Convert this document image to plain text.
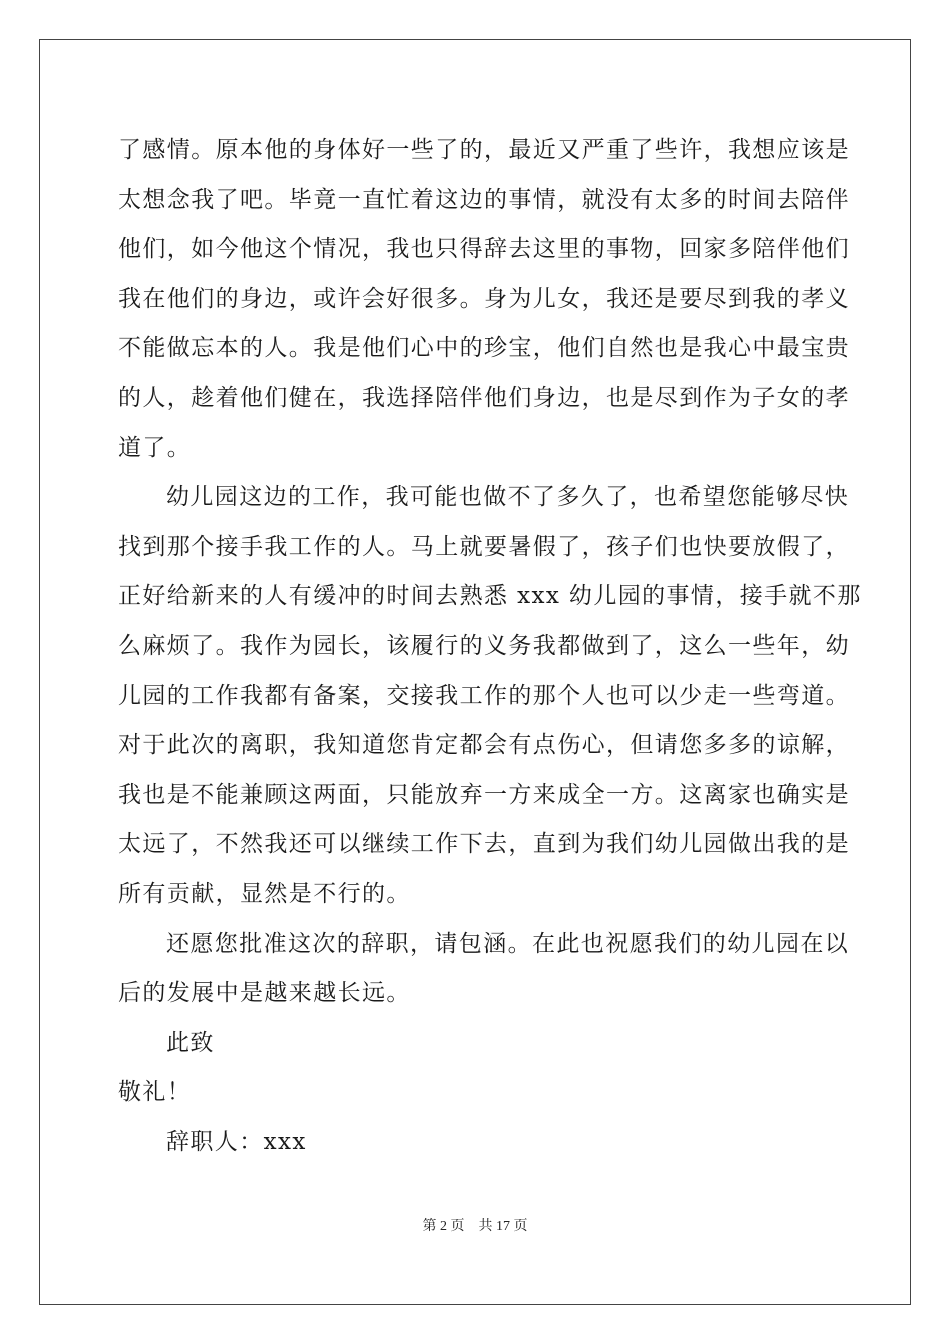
了感情。原本他的身体好一些了的，最近又严重了些许，我想应该是
太想念我了吧。毕竟一直忙着这边的事情，就没有太多的时间去陪伴
他们，如今他这个情况，我也只得辞去这里的事物，回家多陪伴他们
我在他们的身边，或许会好很多。身为儿女，我还是要尽到我的孝义
不能做忘本的人。我是他们心中的珍宝，他们自然也是我心中最宝贵
的人，趁着他们健在，我选择陪伴他们身边，也是尽到作为子女的孝
道了。
幼儿园这边的工作，我可能也做不了多久了，也希望您能够尽快
找到那个接手我工作的人。马上就要暑假了，孩子们也快要放假了，
正好给新来的人有缓冲的时间去熟悉 xxx 幼儿园的事情，接手就不那
么麻烦了。我作为园长，该履行的义务我都做到了，这么一些年，幼
儿园的工作我都有备案，交接我工作的那个人也可以少走一些弯道。
对于此次的离职，我知道您肯定都会有点伤心，但请您多多的谅解，
我也是不能兼顾这两面，只能放弃一方来成全一方。这离家也确实是
太远了，不然我还可以继续工作下去，直到为我们幼儿园做出我的是
所有贡献，显然是不行的。
还愿您批准这次的辞职，请包涵。在此也祝愿我们的幼儿园在以
后的发展中是越来越长远。
此致
敬礼！
辞职人：xxx
第 2 页 共 17 页
